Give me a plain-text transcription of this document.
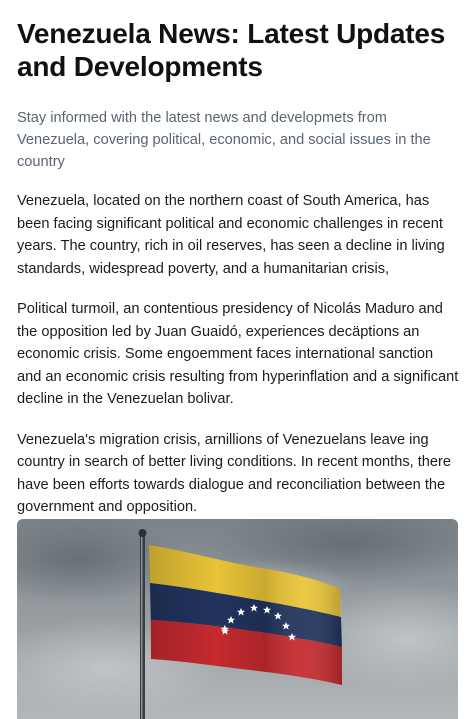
Venezuela News: Latest Updates and Developments

Stay informed with the latest news and developmets from Venezuela, covering political, economic, and social issues in the country

Venezuela, located on the northern coast of South America, has been facing significant political and economic challenges in recent years. The country, rich in oil reserves, has seen a decline in living standards, widespread poverty, and a humanitarian crisis,

Political turmoil, an contentious presidency of Nicolás Maduro and the opposition led by Juan Guaidó, experiences decäptions an economic crisis. Some engoemment faces international sanction and an economic crisis resulting from hyperinflation and a significant decline in the Venezuelan bolivar.

Venezuela's migration crisis, arnillions of Venezuelans leave ing country in search of better living conditions. In recent months, there have been efforts towards dialogue and reconciliation between the government and opposition.
